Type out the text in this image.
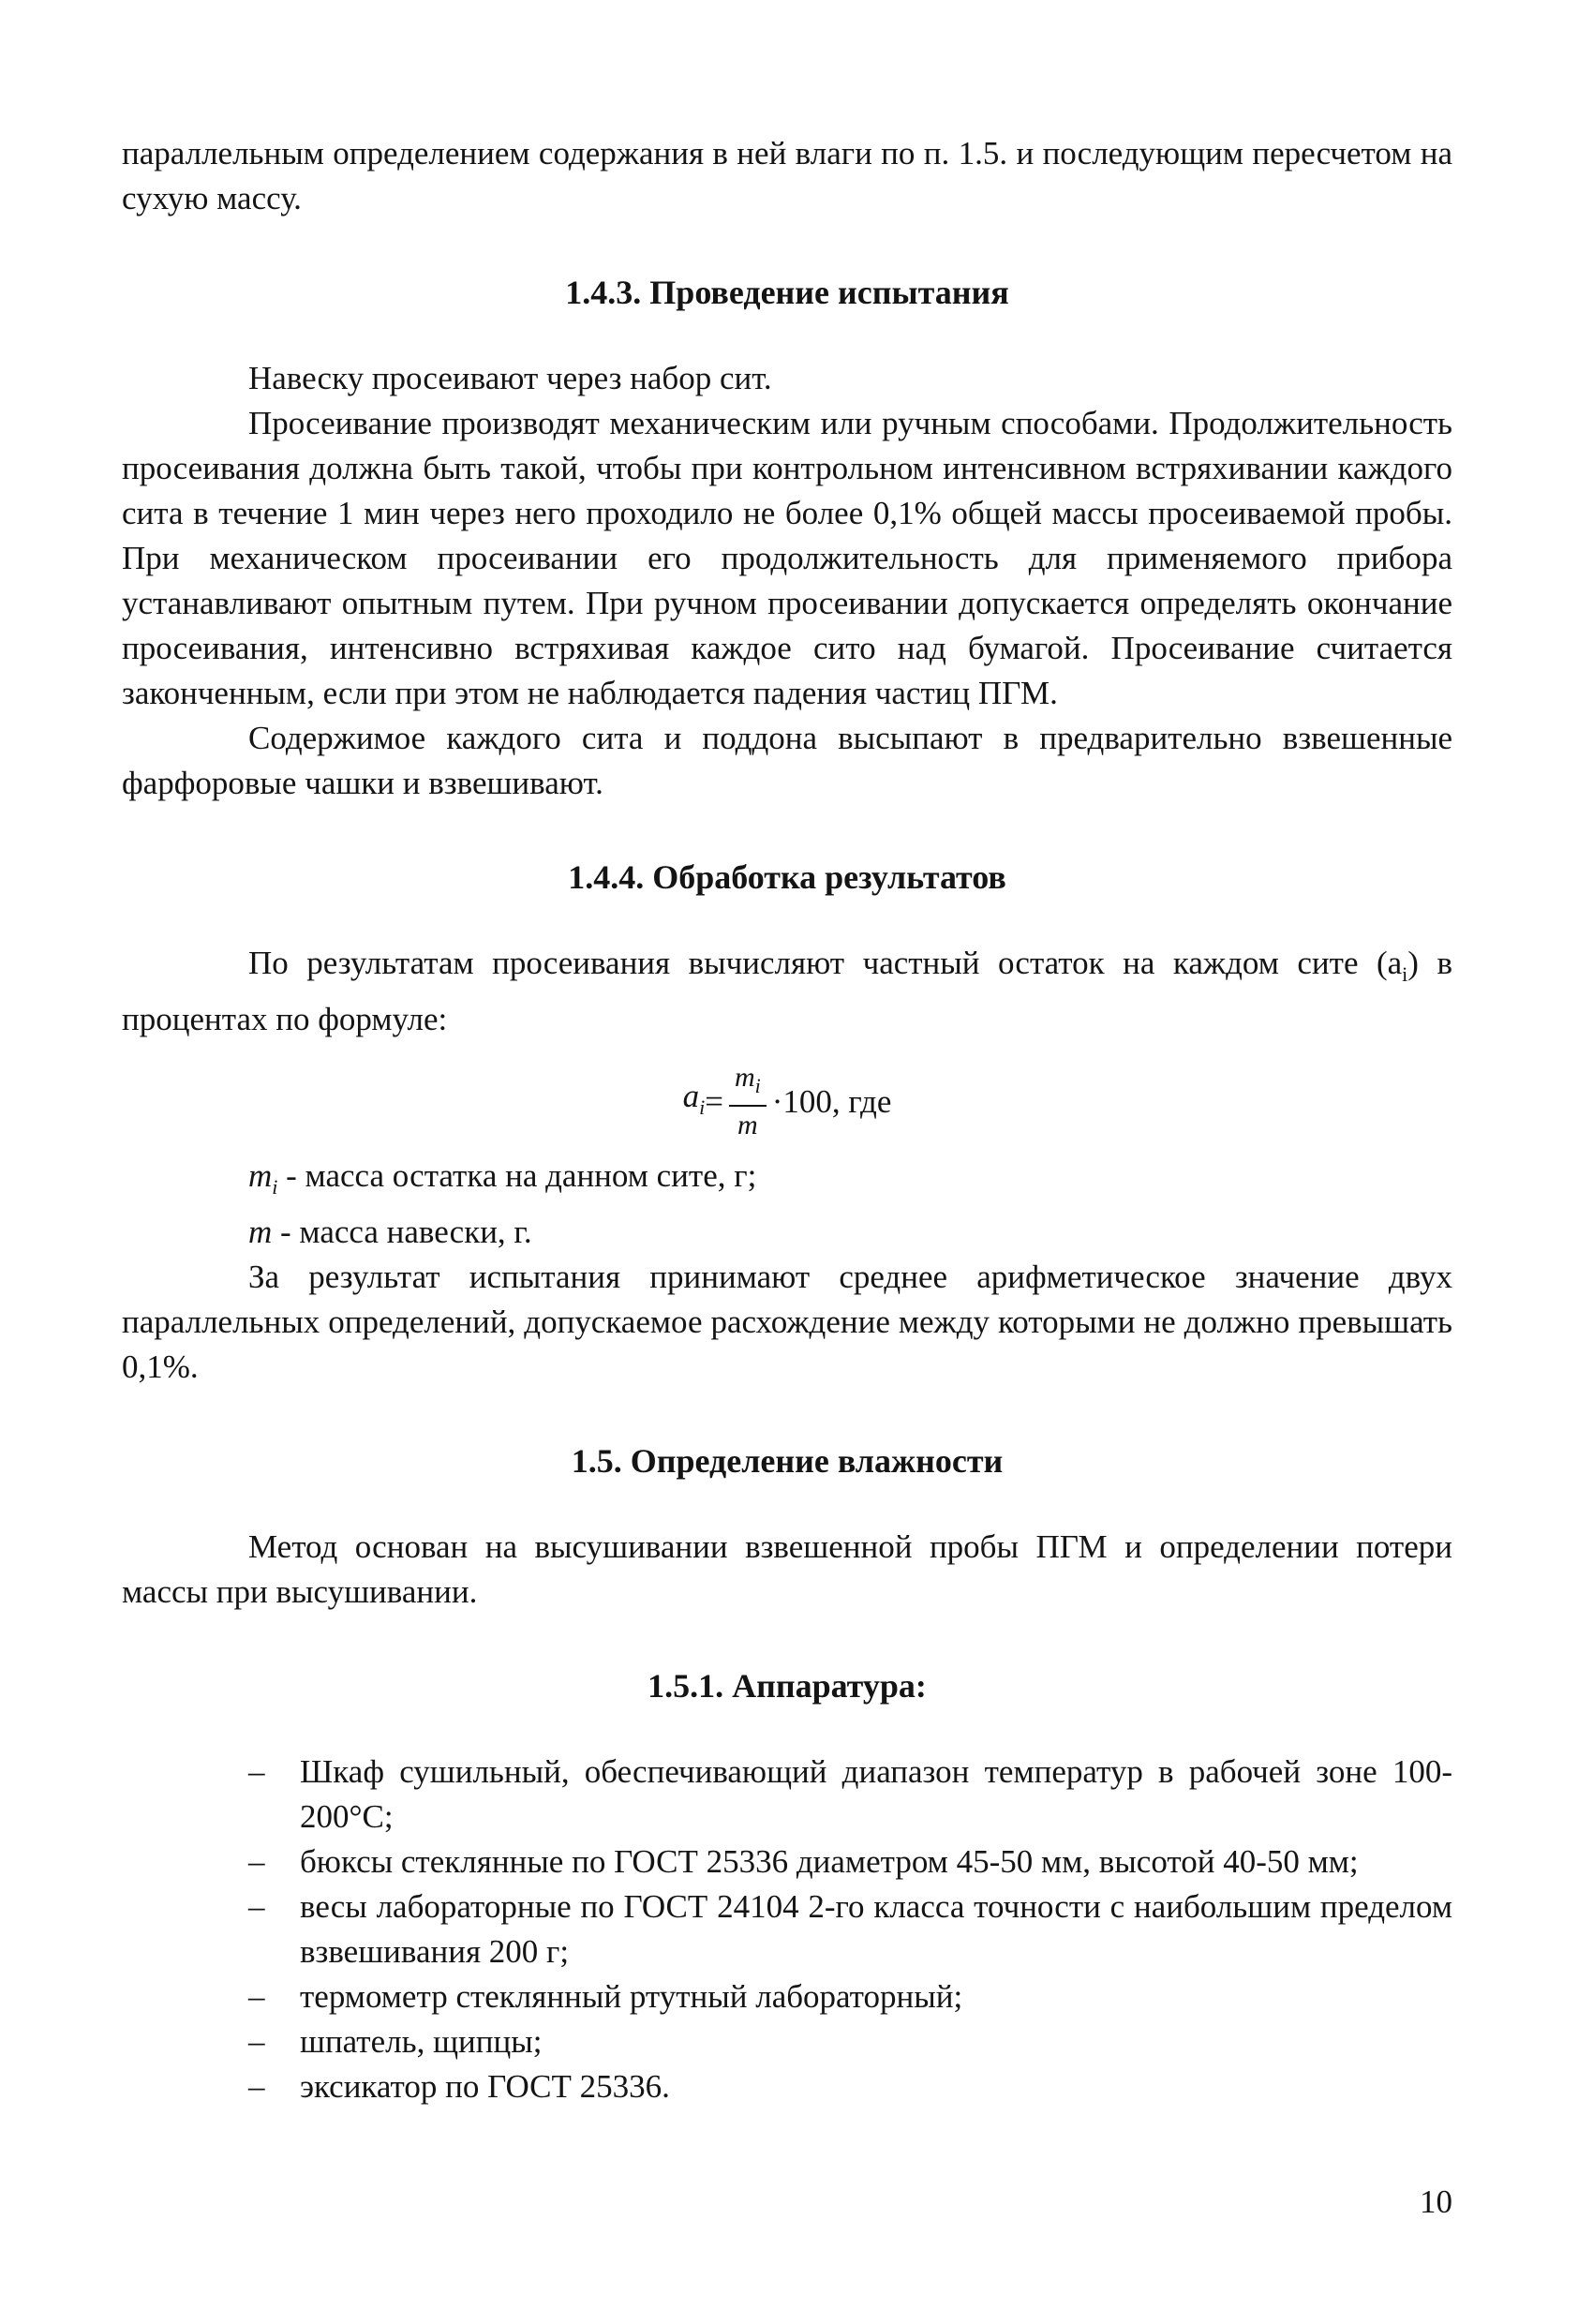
параллельным определением содержания в ней влаги по п. 1.5. и последующим пересчетом на сухую массу.

1.4.3. Проведение испытания

Навеску просеивают через набор сит.

Просеивание производят механическим или ручным способами. Продолжительность просеивания должна быть такой, чтобы при контрольном интенсивном встряхивании каждого сита в течение 1 мин через него проходило не более 0,1% общей массы просеиваемой пробы. При механическом просеивании его продолжительность для применяемого прибора устанавливают опытным путем. При ручном просеивании допускается определять окончание просеивания, интенсивно встряхивая каждое сито над бумагой. Просеивание считается законченным, если при этом не наблюдается падения частиц ПГМ.

Содержимое каждого сита и поддона высыпают в предварительно взвешенные фарфоровые чашки и взвешивают.

1.4.4. Обработка результатов

По результатам просеивания вычисляют частный остаток на каждом сите $(a_i)$ в процентах по формуле:

$a_i = \frac{m_i}{m} \cdot 100$, где

$m_i$ - масса остатка на данном сите, г;

m - масса навески, г.

За результат испытания принимают среднее арифметическое значение двух параллельных определений, допускаемое расхождение между которыми не должно превышать 0,1%.

1.5. Определение влажности

Метод основан на высушивании взвешенной пробы ПГМ и определении потери массы при высушивании.

1.5.1. Аппаратура:
– Шкаф сушильный, обеспечивающий диапазон температур в рабочей зоне 100-200°С;
– бюксы стеклянные по ГОСТ 25336 диаметром 45-50 мм, высотой 40-50 мм;
– весы лабораторные по ГОСТ 24104 2-го класса точности с наибольшим пределом взвешивания 200 г;
– термометр стеклянный ртутный лабораторный;
– шпатель, щипцы;
– эксикатор по ГОСТ 25336.
10
